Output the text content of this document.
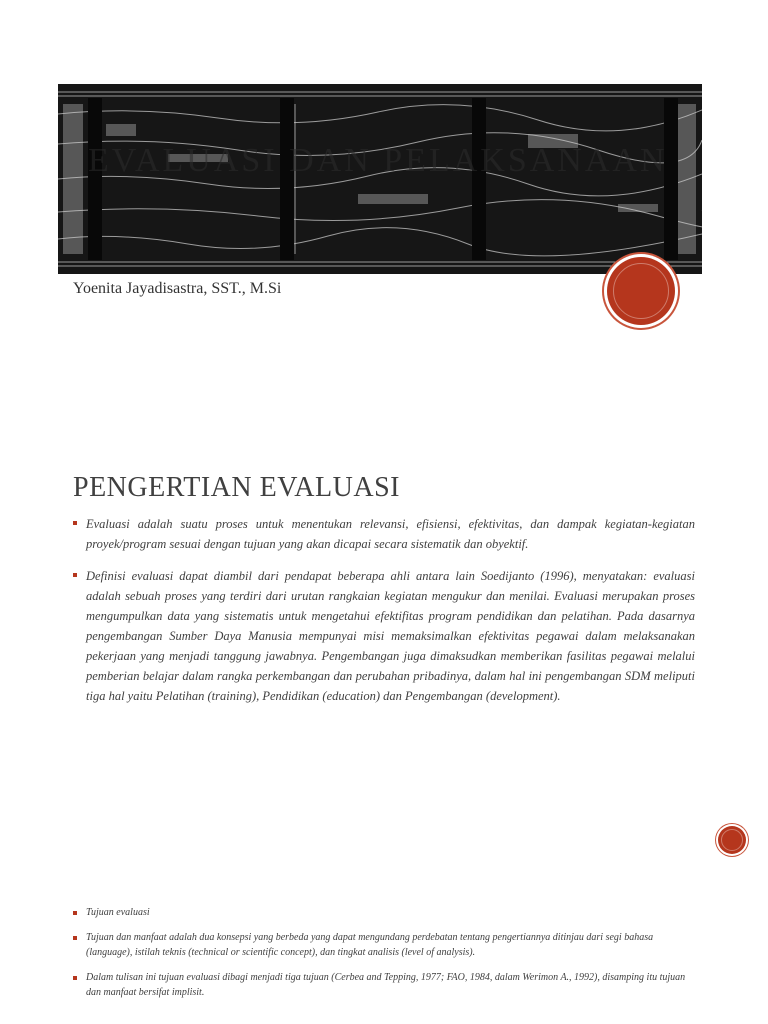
EVALUASI DAN PELAKSANAAN
Yoenita Jayadisastra, SST., M.Si
PENGERTIAN EVALUASI
Evaluasi adalah suatu proses untuk menentukan relevansi, efisiensi, efektivitas, dan dampak kegiatan-kegiatan proyek/program sesuai dengan tujuan yang akan dicapai secara sistematik dan obyektif.
Definisi evaluasi dapat diambil dari pendapat beberapa ahli antara lain Soedijanto (1996), menyatakan: evaluasi adalah sebuah proses yang terdiri dari urutan rangkaian kegiatan mengukur dan menilai. Evaluasi merupakan proses mengumpulkan data yang sistematis untuk mengetahui efektifitas program pendidikan dan pelatihan. Pada dasarnya pengembangan Sumber Daya Manusia mempunyai misi memaksimalkan efektivitas pegawai dalam melaksanakan pekerjaan yang menjadi tanggung jawabnya. Pengembangan juga dimaksudkan memberikan fasilitas pegawai melalui pemberian belajar dalam rangka perkembangan dan perubahan pribadinya, dalam hal ini pengembangan SDM meliputi tiga hal yaitu Pelatihan (training), Pendidikan (education) dan Pengembangan (development).
Tujuan evaluasi
Tujuan dan manfaat adalah dua konsepsi yang berbeda yang dapat mengundang perdebatan tentang pengertiannya ditinjau dari segi bahasa (language), istilah teknis (technical or scientific concept), dan tingkat analisis (level of analysis).
Dalam tulisan ini tujuan evaluasi dibagi menjadi tiga tujuan (Cerbea and Tepping, 1977; FAO, 1984, dalam Werimon A., 1992), disamping itu tujuan dan manfaat bersifat implisit.
